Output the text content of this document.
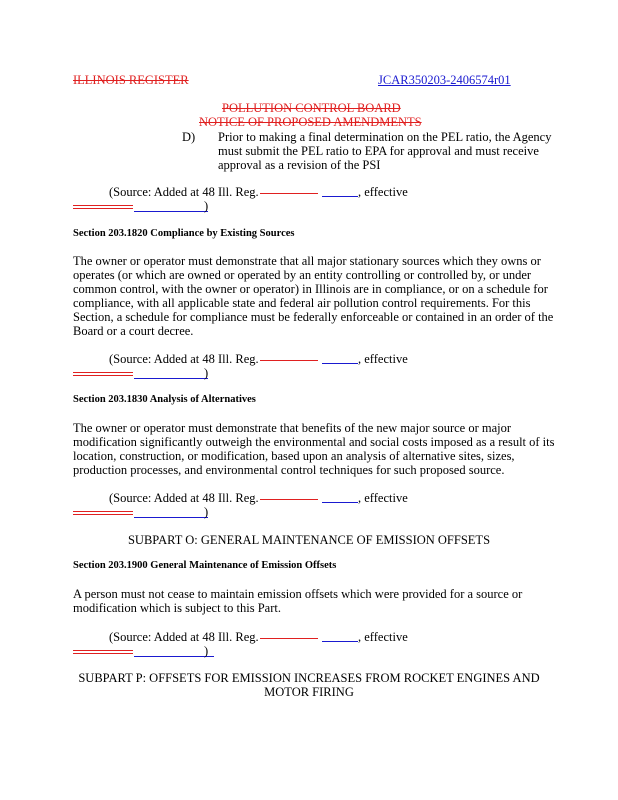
ILLINOIS REGISTER	JCAR350203-2406574r01
POLLUTION CONTROL BOARD
NOTICE OF PROPOSED AMENDMENTS
D) Prior to making a final determination on the PEL ratio, the Agency
must submit the PEL ratio to EPA for approval and must receive
approval as a revision of the PSI
(Source: Added at 48 Ill. Reg.	, effective
)
Section 203.1820 Compliance by Existing Sources
The owner or operator must demonstrate that all major stationary sources which they owns or
operates (or which are owned or operated by an entity controlling or controlled by, or under
common control, with the owner or operator) in Illinois are in compliance, or on a schedule for
compliance, with all applicable state and federal air pollution control requirements. For this
Section, a schedule for compliance must be federally enforceable or contained in an order of the
Board or a court decree.
(Source: Added at 48 Ill. Reg.	, effective
)
Section 203.1830 Analysis of Alternatives
The owner or operator must demonstrate that benefits of the new major source or major
modification significantly outweigh the environmental and social costs imposed as a result of its
location, construction, or modification, based upon an analysis of alternative sites, sizes,
production processes, and environmental control techniques for such proposed source.
(Source: Added at 48 Ill. Reg.	, effective
)
SUBPART O: GENERAL MAINTENANCE OF EMISSION OFFSETS
Section 203.1900 General Maintenance of Emission Offsets
A person must not cease to maintain emission offsets which were provided for a source or
modification which is subject to this Part.
(Source: Added at 48 Ill. Reg.	, effective
)
SUBPART P: OFFSETS FOR EMISSION INCREASES FROM ROCKET ENGINES AND
MOTOR FIRING
